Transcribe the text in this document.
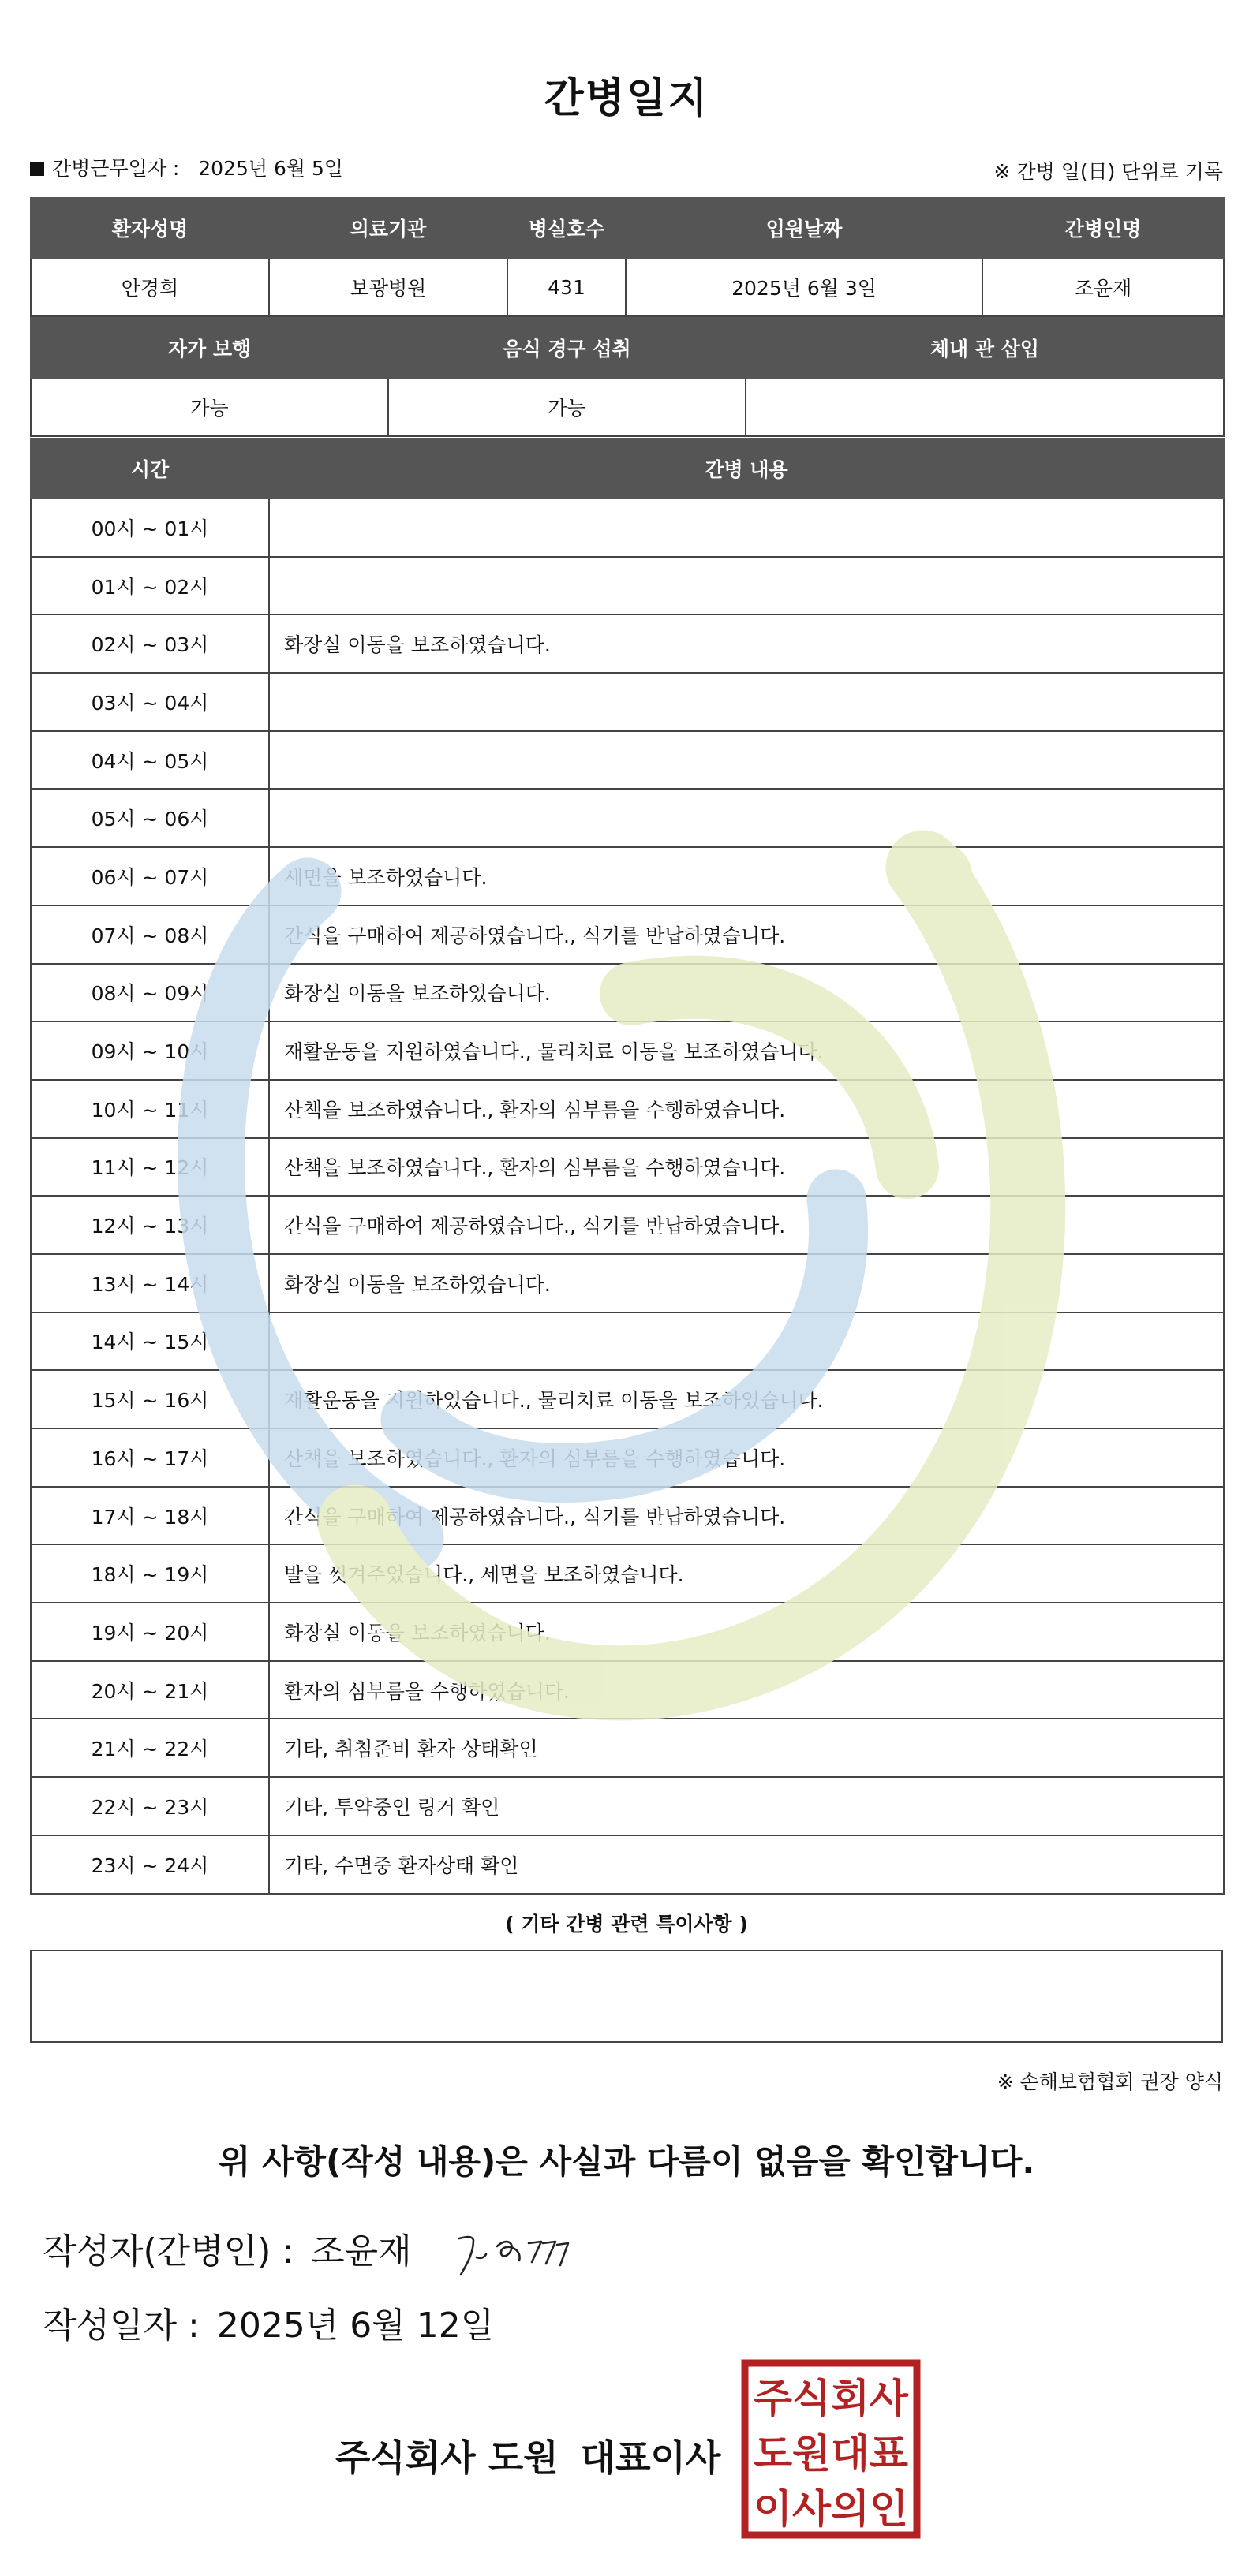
간병일지
간병근무일자 : 2025년 6월 5일	※ 간병 일(日) 단위로 기록
환자성명	의료기관	병실호수	입원날짜	간병인명
안경희	보광병원	431	2025년 6월 3일	조윤재
자가 보행	음식 경구 섭취	체내 관 삽입
가능	가능	
시간	간병 내용
00시 ~ 01시	
01시 ~ 02시	
02시 ~ 03시	화장실 이동을 보조하였습니다.
03시 ~ 04시	
04시 ~ 05시	
05시 ~ 06시	
06시 ~ 07시	세면을 보조하였습니다.
07시 ~ 08시	간식을 구매하여 제공하였습니다., 식기를 반납하였습니다.
08시 ~ 09시	화장실 이동을 보조하였습니다.
09시 ~ 10시	재활운동을 지원하였습니다., 물리치료 이동을 보조하였습니다.
10시 ~ 11시	산책을 보조하였습니다., 환자의 심부름을 수행하였습니다.
11시 ~ 12시	산책을 보조하였습니다., 환자의 심부름을 수행하였습니다.
12시 ~ 13시	간식을 구매하여 제공하였습니다., 식기를 반납하였습니다.
13시 ~ 14시	화장실 이동을 보조하였습니다.
14시 ~ 15시	
15시 ~ 16시	재활운동을 지원하였습니다., 물리치료 이동을 보조하였습니다.
16시 ~ 17시	산책을 보조하였습니다., 환자의 심부름을 수행하였습니다.
17시 ~ 18시	간식을 구매하여 제공하였습니다., 식기를 반납하였습니다.
18시 ~ 19시	발을 씻겨주었습니다., 세면을 보조하였습니다.
19시 ~ 20시	화장실 이동을 보조하였습니다.
20시 ~ 21시	환자의 심부름을 수행하였습니다.
21시 ~ 22시	기타, 취침준비 환자 상태확인
22시 ~ 23시	기타, 투약중인 링거 확인
23시 ~ 24시	기타, 수면중 환자상태 확인
( 기타 간병 관련 특이사항 )
※ 손해보험협회 권장 양식
위 사항(작성 내용)은 사실과 다름이 없음을 확인합니다.
작성자(간병인) : 조윤재
작성일자 : 2025년 6월 12일
주식회사 도원 대표이사
주식회사
도원대표
이사의인
